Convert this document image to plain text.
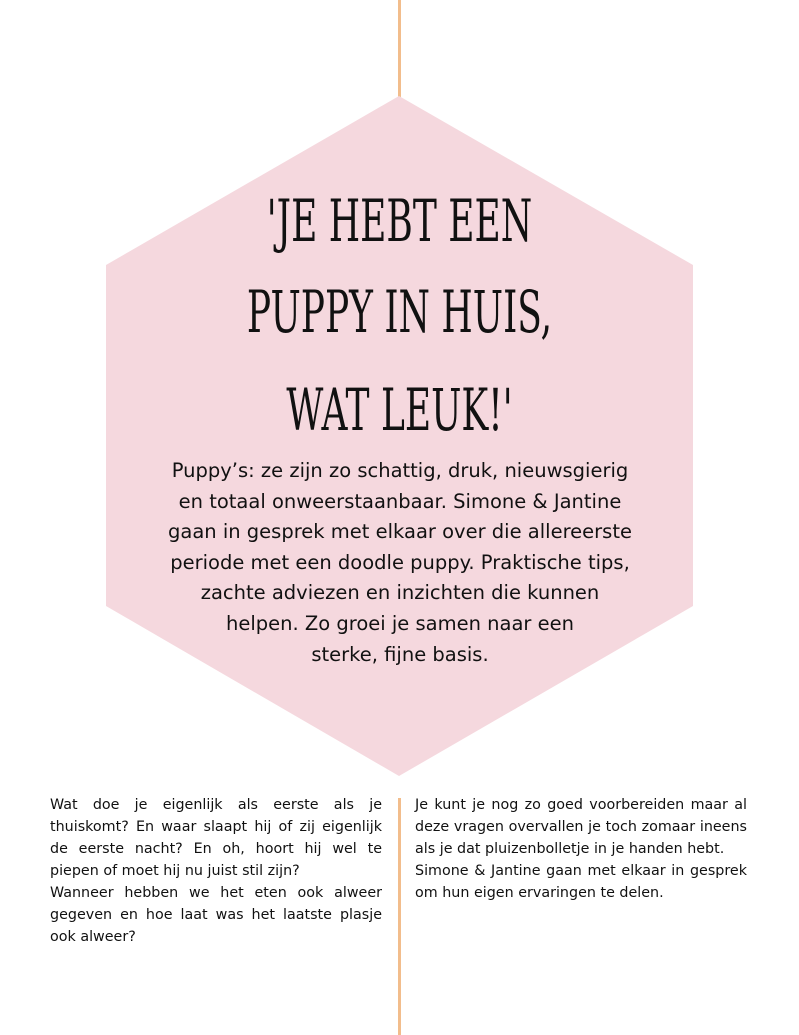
'JE HEBT EEN
PUPPY IN HUIS,
WAT LEUK!'
Puppy’s: ze zijn zo schattig, druk, nieuwsgierig
en totaal onweerstaanbaar. Simone & Jantine
gaan in gesprek met elkaar over die allereerste
periode met een doodle puppy. Praktische tips,
zachte adviezen en inzichten die kunnen
helpen. Zo groei je samen naar een
sterke, fijne basis.

Wat doe je eigenlijk als eerste als je thuiskomt? En waar slaapt hij of zij eigenlijk de eerste nacht? En oh, hoort hij wel te piepen of moet hij nu juist stil zijn?

Wanneer hebben we het eten ook alweer gegeven en hoe laat was het laatste plasje ook alweer?

Je kunt je nog zo goed voorbereiden maar al deze vragen overvallen je toch zomaar ineens als je dat pluizenbolletje in je handen hebt.

Simone & Jantine gaan met elkaar in gesprek om hun eigen ervaringen te delen.
